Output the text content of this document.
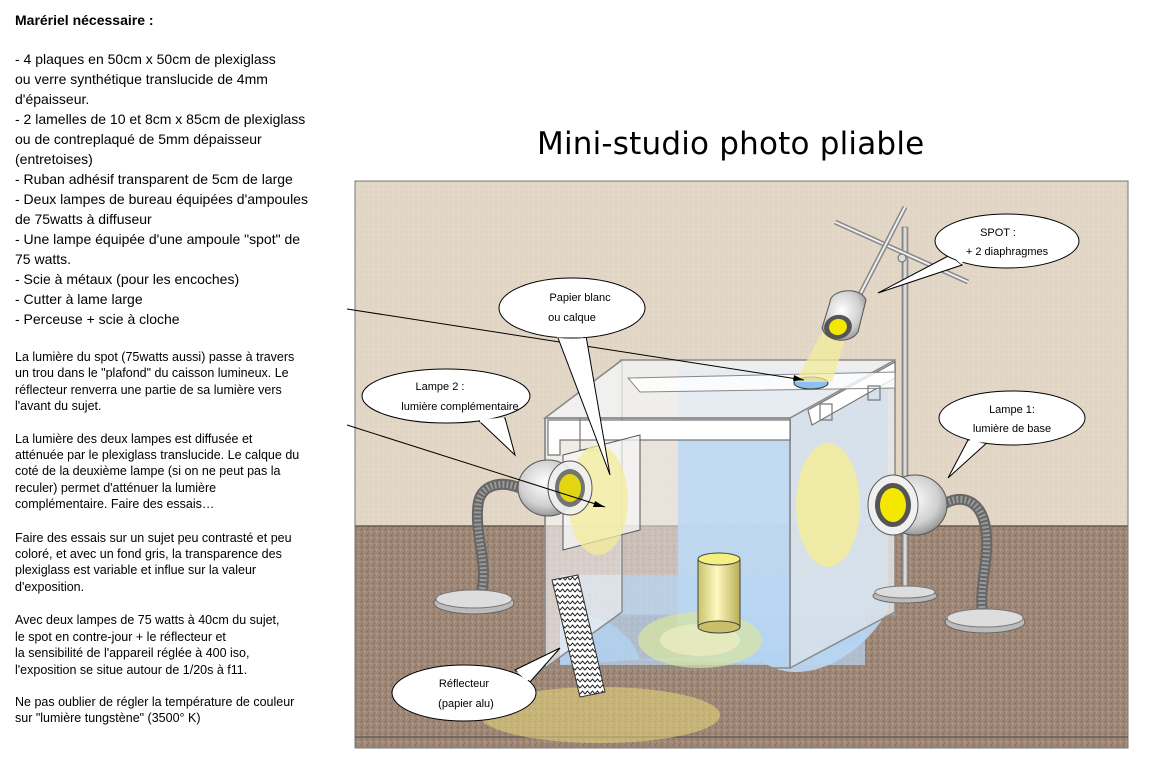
Marériel nécessaire :

- 4 plaques en 50cm x 50cm de plexiglass
ou verre synthétique translucide de 4mm
d'épaisseur.
- 2 lamelles de 10 et 8cm x 85cm de plexiglass
ou de contreplaqué de 5mm dépaisseur
(entretoises)
- Ruban adhésif transparent de 5cm de large
- Deux lampes de bureau équipées d'ampoules
de 75watts à diffuseur
- Une lampe équipée d'une ampoule "spot" de
75 watts.
- Scie à métaux (pour les encoches)
- Cutter à lame large
- Perceuse + scie à cloche

La lumière du spot (75watts aussi) passe à travers
un trou dans le "plafond" du caisson lumineux. Le
réflecteur renverra une partie de sa lumière vers
l'avant du sujet.

La lumière des deux lampes est diffusée et
atténuée par le plexiglass translucide. Le calque du
coté de la deuxième lampe (si on ne peut pas la
reculer) permet d'atténuer la lumière
complémentaire. Faire des essais…

Faire des essais sur un sujet peu contrasté et peu
coloré, et avec un fond gris, la transparence des
plexiglass est variable et influe sur la valeur
d'exposition.

Avec deux lampes de 75 watts à 40cm du sujet,
le spot en contre-jour + le réflecteur et
la sensibilité de l'appareil réglée à 400 iso,
l'exposition se situe autour de 1/20s à f11.

Ne pas oublier de régler la température de couleur
sur "lumière tungstène" (3500° K)

Mini-studio photo pliable
SPOT :
+ 2 diaphragmes
Papier blanc
ou calque
Lampe 2 :
lumière complémentaire	Lampe 1:
lumière de base
Réflecteur
(papier alu)
